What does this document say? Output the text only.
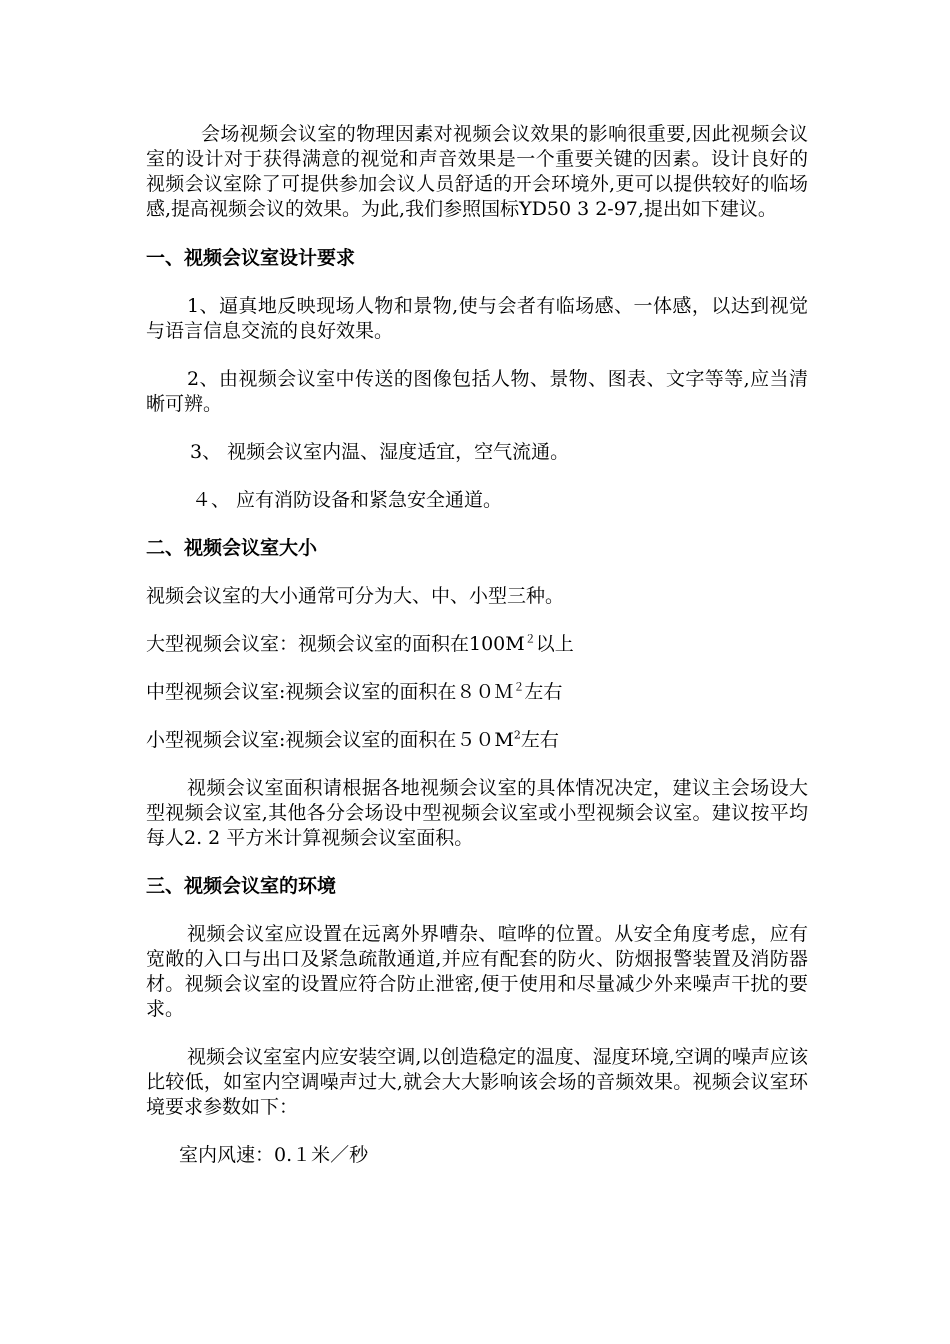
会场视频会议室的物理因素对视频会议效果的影响很重要,因此视频会议室的设计对于获得满意的视觉和声音效果是一个重要关键的因素。设计良好的视频会议室除了可提供参加会议人员舒适的开会环境外,更可以提供较好的临场感,提高视频会议的效果。为此,我们参照国标YD50 3 2-97,提出如下建议。

一、视频会议室设计要求

1、逼真地反映现场人物和景物,使与会者有临场感、一体感，以达到视觉与语言信息交流的良好效果。

2、由视频会议室中传送的图像包括人物、景物、图表、文字等等,应当清晰可辨。

3、 视频会议室内温、湿度适宜，空气流通。

４、 应有消防设备和紧急安全通道。

二、视频会议室大小

视频会议室的大小通常可分为大、中、小型三种。

大型视频会议室：视频会议室的面积在$100M^2$以上

中型视频会议室:视频会议室的面积在８０Ｍ$^2$左右

小型视频会议室:视频会议室的面积在$50M^2$左右

视频会议室面积请根据各地视频会议室的具体情况决定，建议主会场设大型视频会议室,其他各分会场设中型视频会议室或小型视频会议室。建议按平均每人2. 2 平方米计算视频会议室面积。

三、视频会议室的环境

视频会议室应设置在远离外界嘈杂、喧哗的位置。从安全角度考虑，应有宽敞的入口与出口及紧急疏散通道,并应有配套的防火、防烟报警装置及消防器材。视频会议室的设置应符合防止泄密,便于使用和尽量减少外来噪声干扰的要求。

视频会议室室内应安装空调,以创造稳定的温度、湿度环境,空调的噪声应该比较低，如室内空调噪声过大,就会大大影响该会场的音频效果。视频会议室环境要求参数如下：

室内风速：0.１米／秒
